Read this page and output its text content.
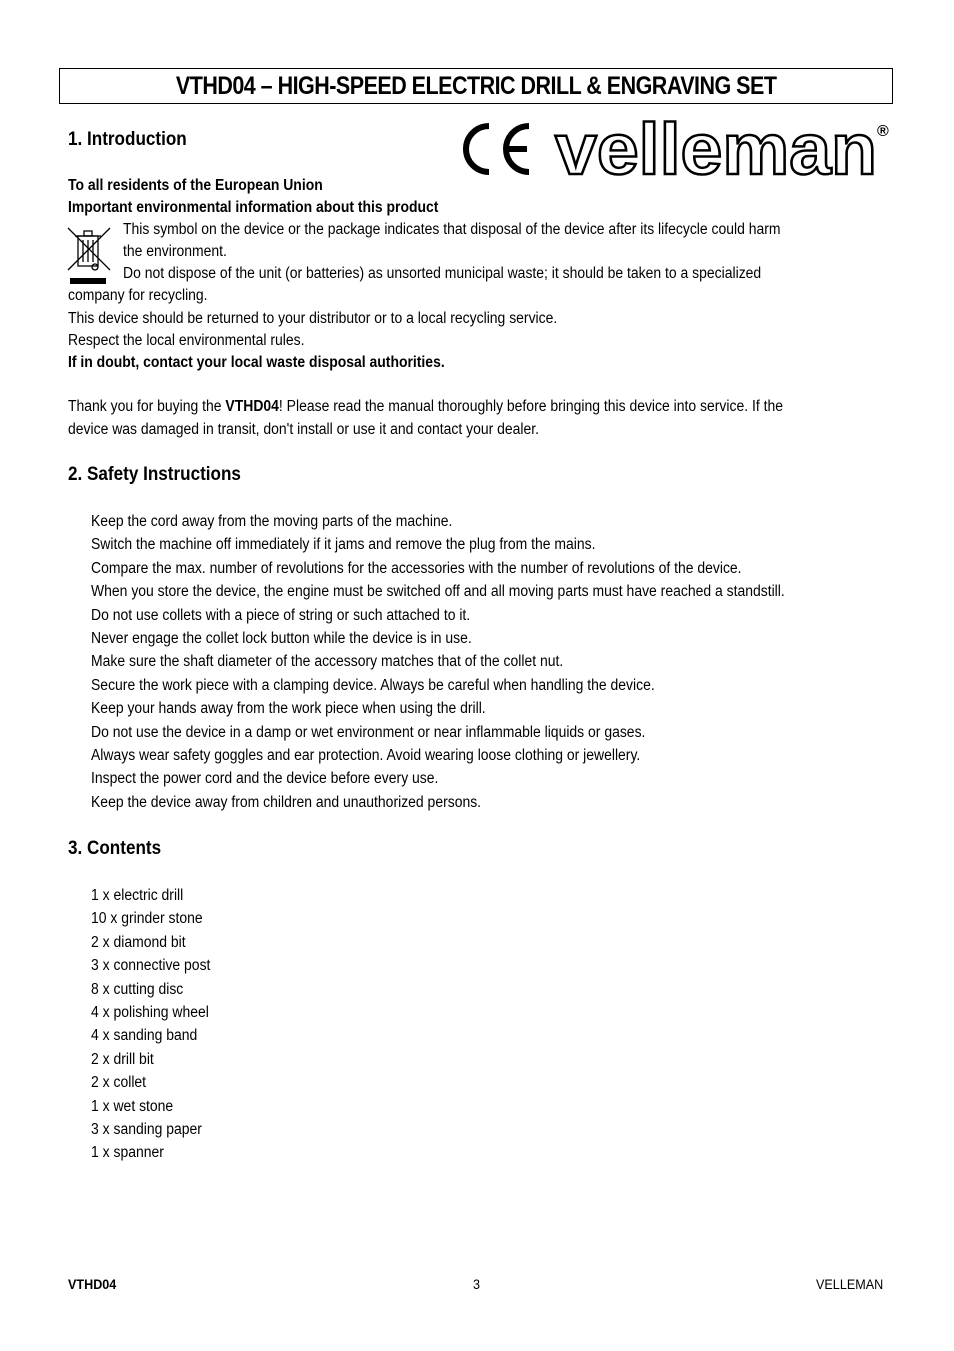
VTHD04 – HIGH-SPEED ELECTRIC DRILL & ENGRAVING SET
velleman ®
1. Introduction
To all residents of the European Union
Important environmental information about this product
This symbol on the device or the package indicates that disposal of the device after its lifecycle could harm
the environment.
Do not dispose of the unit (or batteries) as unsorted municipal waste; it should be taken to a specialized
company for recycling.
This device should be returned to your distributor or to a local recycling service.
Respect the local environmental rules.
If in doubt, contact your local waste disposal authorities.
Thank you for buying the VTHD04! Please read the manual thoroughly before bringing this device into service. If the
device was damaged in transit, don't install or use it and contact your dealer.
2. Safety Instructions
Keep the cord away from the moving parts of the machine.
Switch the machine off immediately if it jams and remove the plug from the mains.
Compare the max. number of revolutions for the accessories with the number of revolutions of the device.
When you store the device, the engine must be switched off and all moving parts must have reached a standstill.
Do not use collets with a piece of string or such attached to it.
Never engage the collet lock button while the device is in use.
Make sure the shaft diameter of the accessory matches that of the collet nut.
Secure the work piece with a clamping device. Always be careful when handling the device.
Keep your hands away from the work piece when using the drill.
Do not use the device in a damp or wet environment or near inflammable liquids or gases.
Always wear safety goggles and ear protection. Avoid wearing loose clothing or jewellery.
Inspect the power cord and the device before every use.
Keep the device away from children and unauthorized persons.
3. Contents
1 x electric drill
10 x grinder stone
2 x diamond bit
3 x connective post
8 x cutting disc
4 x polishing wheel
4 x sanding band
2 x drill bit
2 x collet
1 x wet stone
3 x sanding paper
1 x spanner
VTHD04	3	VELLEMAN
